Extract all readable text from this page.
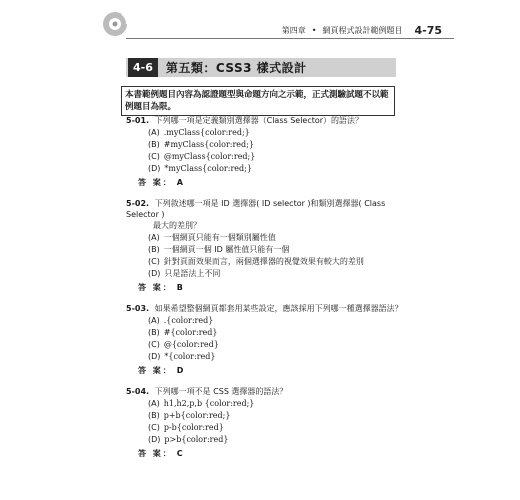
第四章 • 網頁程式設計範例題目 4-75
4-6	第五類：CSS3 樣式設計
本書範例題目內容為認證題型與命題方向之示範，正式測驗試題不以範例題目為限。
5-01. 下列哪一項是定義類別選擇器（Class Selector）的語法？
(A) .myClass{color:red;}
(B) #myClass{color:red;}
(C) @myClass{color:red;}
(D) *myClass{color:red;}
答 案： A
5-02. 下列敘述哪一項是 ID 選擇器( ID selector )和類別選擇器( Class Selector )
最大的差別？
(A) 一個網頁只能有一個類別屬性值
(B) 一個網頁一個 ID 屬性值只能有一個
(C) 針對頁面效果而言，兩個選擇器的視覺效果有較大的差別
(D) 只是語法上不同
答 案： B
5-03. 如果希望整個網頁都套用某些設定，應該採用下列哪一種選擇器語法？
(A) .{color:red}
(B) #{color:red}
(C) @{color:red}
(D) *{color:red}
答 案： D
5-04. 下列哪一項不是 CSS 選擇器的語法？
(A) h1,h2,p,b {color:red;}
(B) p+b{color:red;}
(C) p-b{color:red}
(D) p>b{color:red}
答 案： C
